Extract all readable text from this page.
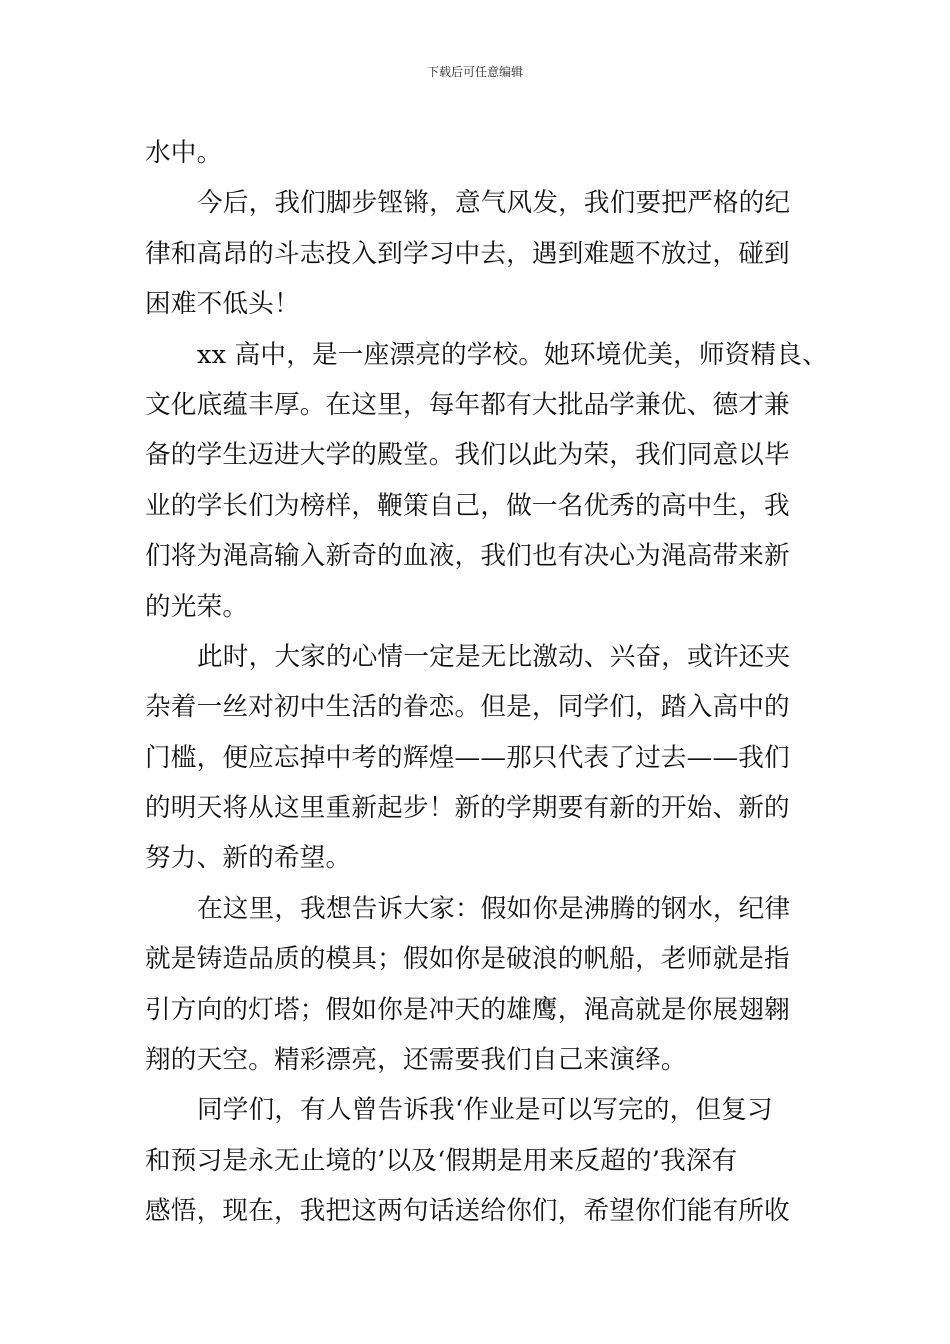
下载后可任意编辑
水中。
今后，我们脚步铿锵，意气风发，我们要把严格的纪
律和高昂的斗志投入到学习中去，遇到难题不放过，碰到
困难不低头！
xx 高中，是一座漂亮的学校。她环境优美，师资精良、
文化底蕴丰厚。在这里，每年都有大批品学兼优、德才兼
备的学生迈进大学的殿堂。我们以此为荣，我们同意以毕
业的学长们为榜样，鞭策自己，做一名优秀的高中生，我
们将为渑高输入新奇的血液，我们也有决心为渑高带来新
的光荣。
此时，大家的心情一定是无比激动、兴奋，或许还夹
杂着一丝对初中生活的眷恋。但是，同学们，踏入高中的
门槛，便应忘掉中考的辉煌——那只代表了过去——我们
的明天将从这里重新起步！新的学期要有新的开始、新的
努力、新的希望。
在这里，我想告诉大家：假如你是沸腾的钢水，纪律
就是铸造品质的模具；假如你是破浪的帆船，老师就是指
引方向的灯塔；假如你是冲天的雄鹰，渑高就是你展翅翱
翔的天空。精彩漂亮，还需要我们自己来演绎。
同学们，有人曾告诉我‘作业是可以写完的，但复习
和预习是永无止境的’以及‘假期是用来反超的’我深有
感悟，现在，我把这两句话送给你们，希望你们能有所收
